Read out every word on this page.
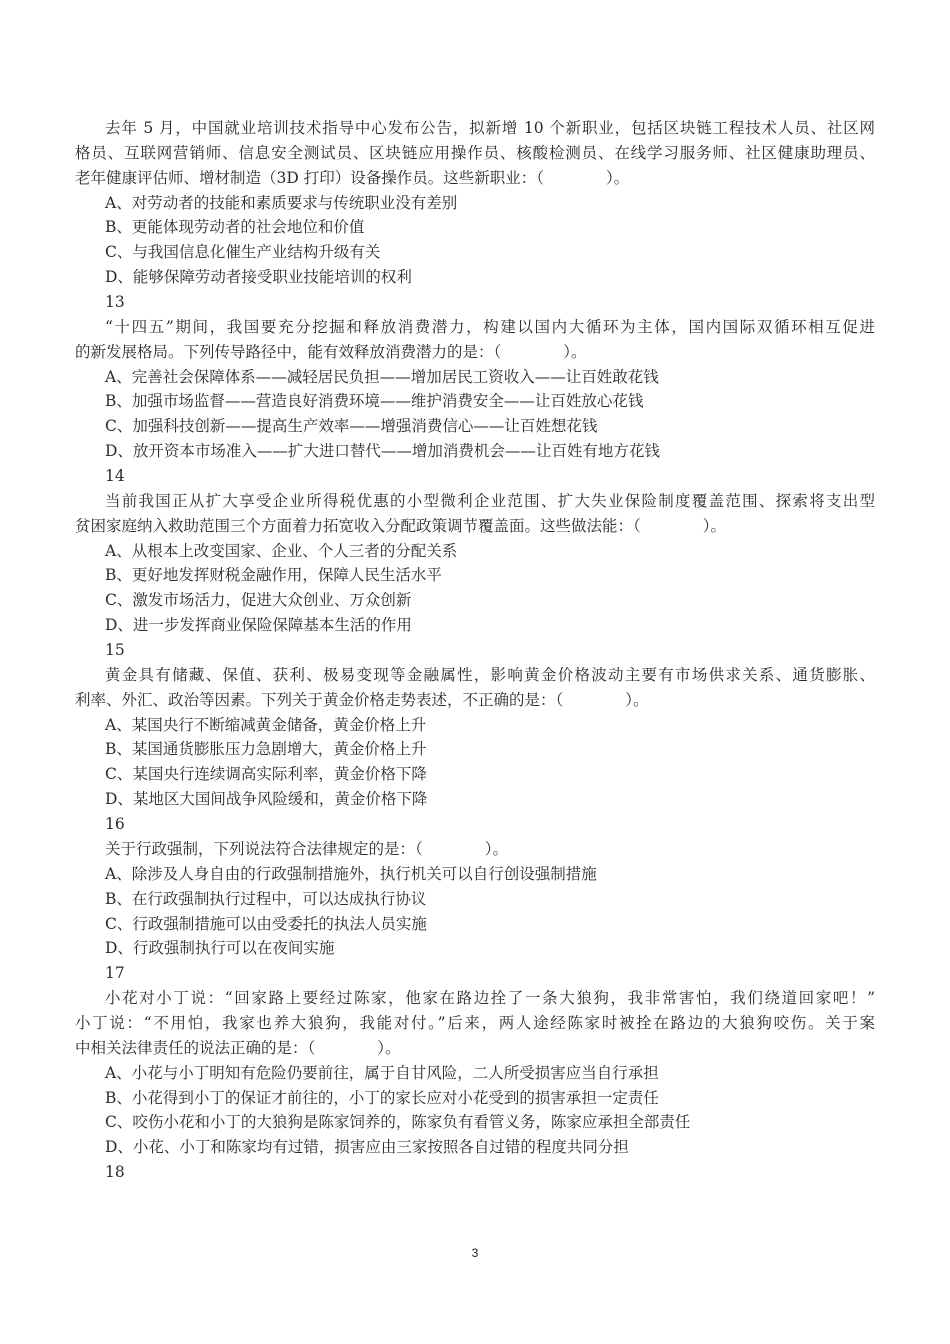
去年 5 月，中国就业培训技术指导中心发布公告，拟新增 10 个新职业，包括区块链工程技术人员、社区网
格员、互联网营销师、信息安全测试员、区块链应用操作员、核酸检测员、在线学习服务师、社区健康助理员、
老年健康评估师、增材制造（3D 打印）设备操作员。这些新职业：（　　　　）。
A、对劳动者的技能和素质要求与传统职业没有差别
B、更能体现劳动者的社会地位和价值
C、与我国信息化催生产业结构升级有关
D、能够保障劳动者接受职业技能培训的权利
13
“十四五”期间，我国要充分挖掘和释放消费潜力，构建以国内大循环为主体，国内国际双循环相互促进
的新发展格局。下列传导路径中，能有效释放消费潜力的是：（　　　　）。
A、完善社会保障体系——减轻居民负担——增加居民工资收入——让百姓敢花钱
B、加强市场监督——营造良好消费环境——维护消费安全——让百姓放心花钱
C、加强科技创新——提高生产效率——增强消费信心——让百姓想花钱
D、放开资本市场准入——扩大进口替代——增加消费机会——让百姓有地方花钱
14
当前我国正从扩大享受企业所得税优惠的小型微利企业范围、扩大失业保险制度覆盖范围、探索将支出型
贫困家庭纳入救助范围三个方面着力拓宽收入分配政策调节覆盖面。这些做法能：（　　　　）。
A、从根本上改变国家、企业、个人三者的分配关系
B、更好地发挥财税金融作用，保障人民生活水平
C、激发市场活力，促进大众创业、万众创新
D、进一步发挥商业保险保障基本生活的作用
15
黄金具有储藏、保值、获利、极易变现等金融属性，影响黄金价格波动主要有市场供求关系、通货膨胀、
利率、外汇、政治等因素。下列关于黄金价格走势表述，不正确的是：（　　　　）。
A、某国央行不断缩减黄金储备，黄金价格上升
B、某国通货膨胀压力急剧增大，黄金价格上升
C、某国央行连续调高实际利率，黄金价格下降
D、某地区大国间战争风险缓和，黄金价格下降
16
关于行政强制，下列说法符合法律规定的是：（　　　　）。
A、除涉及人身自由的行政强制措施外，执行机关可以自行创设强制措施
B、在行政强制执行过程中，可以达成执行协议
C、行政强制措施可以由受委托的执法人员实施
D、行政强制执行可以在夜间实施
17
小花对小丁说：“回家路上要经过陈家，他家在路边拴了一条大狼狗，我非常害怕，我们绕道回家吧！”
小丁说：“不用怕，我家也养大狼狗，我能对付。”后来，两人途经陈家时被拴在路边的大狼狗咬伤。关于案
中相关法律责任的说法正确的是：（　　　　）。
A、小花与小丁明知有危险仍要前往，属于自甘风险，二人所受损害应当自行承担
B、小花得到小丁的保证才前往的，小丁的家长应对小花受到的损害承担一定责任
C、咬伤小花和小丁的大狼狗是陈家饲养的，陈家负有看管义务，陈家应承担全部责任
D、小花、小丁和陈家均有过错，损害应由三家按照各自过错的程度共同分担
18
3
